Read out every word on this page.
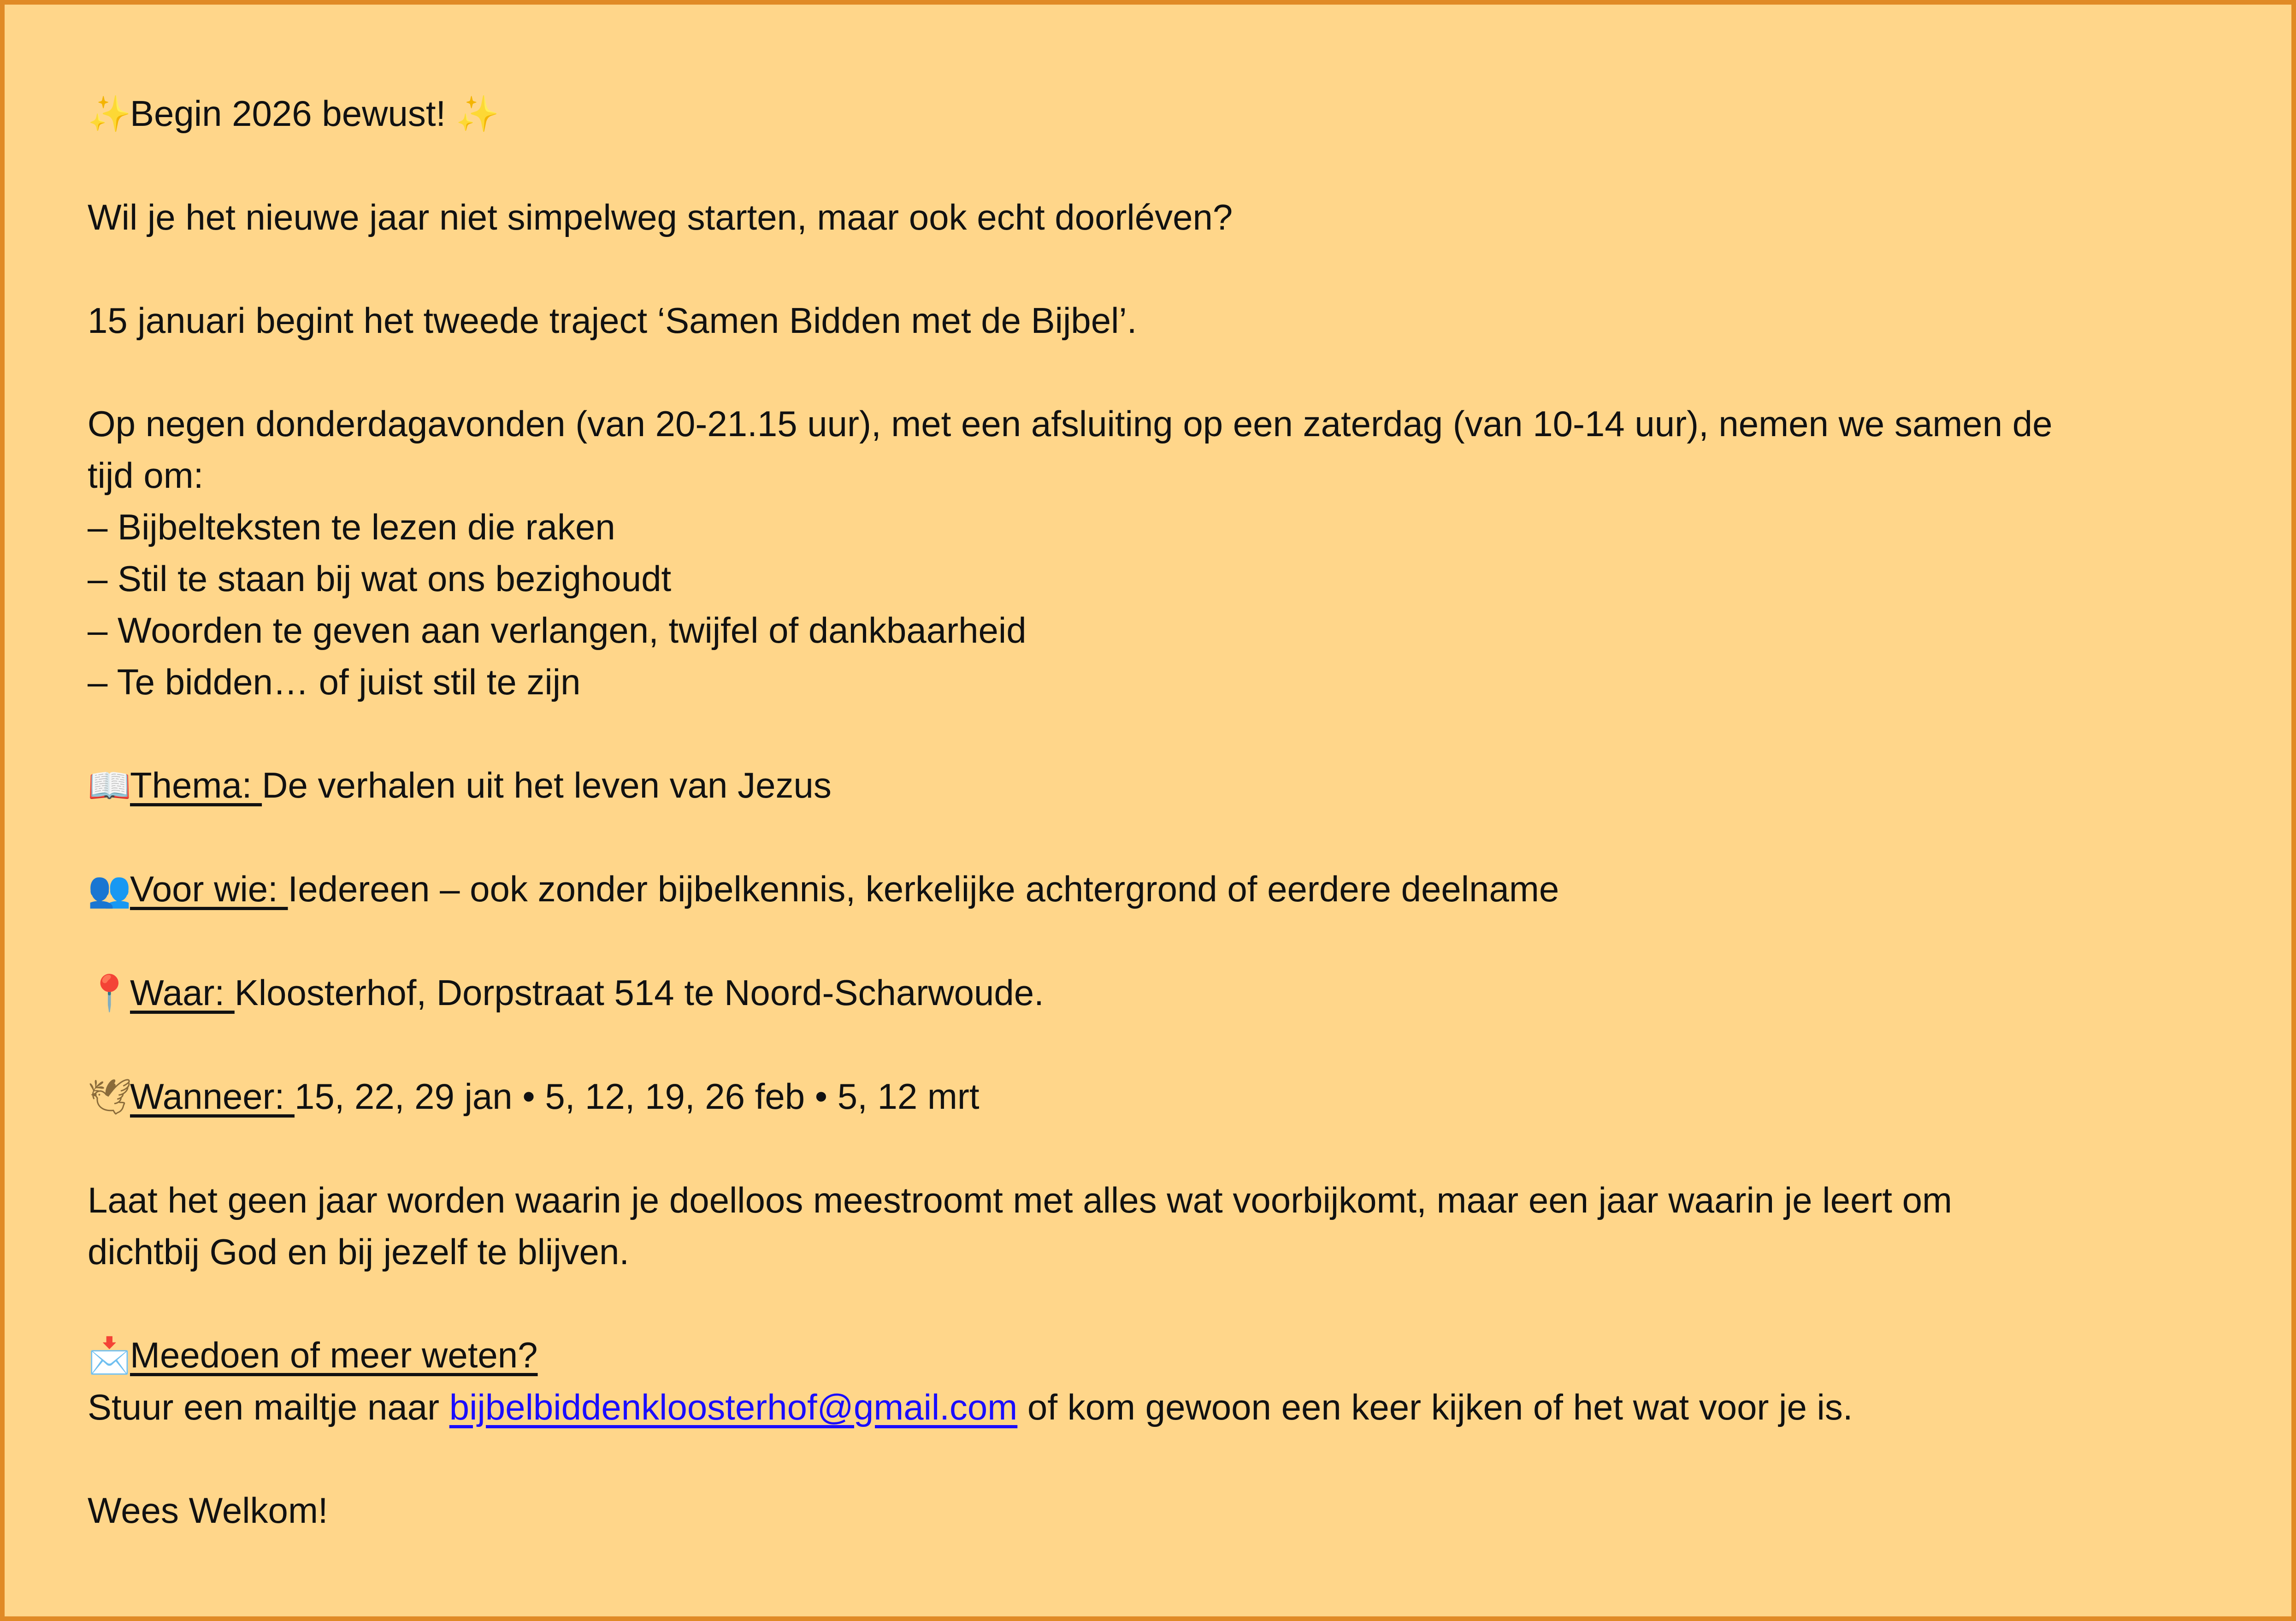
✨Begin 2026 bewust! ✨

Wil je het nieuwe jaar niet simpelweg starten, maar ook echt doorléven?

15 januari begint het tweede traject ‘Samen Bidden met de Bijbel’.

Op negen donderdagavonden (van 20-21.15 uur), met een afsluiting op een zaterdag (van 10-14 uur), nemen we samen de

tijd om:

– Bijbelteksten te lezen die raken

– Stil te staan bij wat ons bezighoudt

– Woorden te geven aan verlangen, twijfel of dankbaarheid

– Te bidden… of juist stil te zijn

📖Thema: De verhalen uit het leven van Jezus

👥Voor wie: Iedereen – ook zonder bijbelkennis, kerkelijke achtergrond of eerdere deelname

📍Waar: Kloosterhof, Dorpstraat 514 te Noord-Scharwoude.

🕊Wanneer: 15, 22, 29 jan • 5, 12, 19, 26 feb • 5, 12 mrt

Laat het geen jaar worden waarin je doelloos meestroomt met alles wat voorbijkomt, maar een jaar waarin je leert om

dichtbij God en bij jezelf te blijven.

📩Meedoen of meer weten?

Stuur een mailtje naar bijbelbiddenkloosterhof@gmail.com of kom gewoon een keer kijken of het wat voor je is.

Wees Welkom!
